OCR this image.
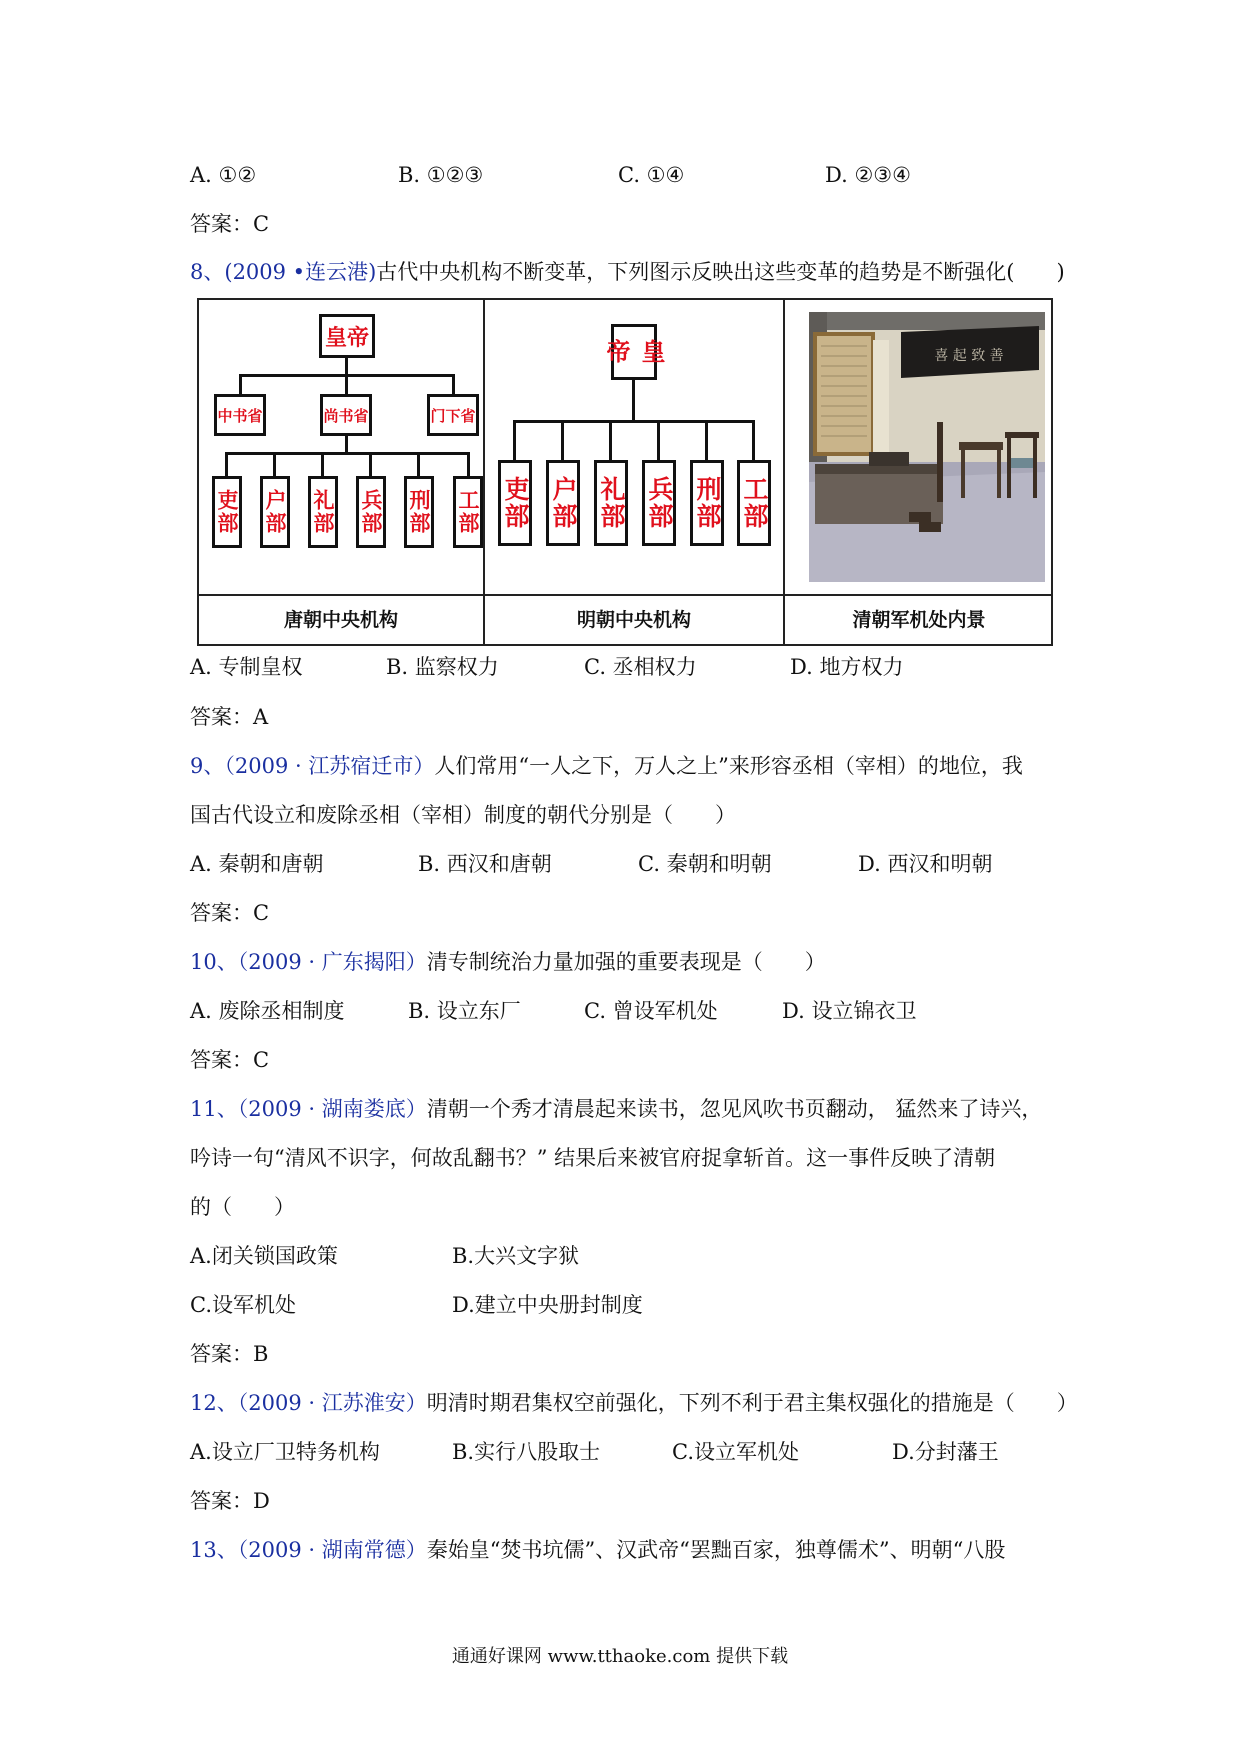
A. ①②	B. ①②③	C. ①④	D. ②③④
答案：C
8、(2009 •连云港)古代中央机构不断变革，下列图示反映出这些变革的趋势是不断强化(　　)
皇帝
中书省	尚书省	门下省
吏部 户部 礼部 兵部 刑部 工部
皇帝
吏部 户部 礼部 兵部 刑部 工部
喜 起 致 善
唐朝中央机构	明朝中央机构	清朝军机处内景
A. 专制皇权	B. 监察权力	C. 丞相权力	D. 地方权力
答案：A
9、（2009 · 江苏宿迁市）人们常用“一人之下，万人之上”来形容丞相（宰相）的地位，我
国古代设立和废除丞相（宰相）制度的朝代分别是（　　）
A. 秦朝和唐朝	B. 西汉和唐朝	C. 秦朝和明朝	D. 西汉和明朝
答案：C
10、（2009 · 广东揭阳）清专制统治力量加强的重要表现是（　　）
A. 废除丞相制度	B. 设立东厂	C. 曾设军机处	D. 设立锦衣卫
答案：C
11、（2009 · 湖南娄底）清朝一个秀才清晨起来读书，忽见风吹书页翻动， 猛然来了诗兴，
吟诗一句“清风不识字，何故乱翻书？” 结果后来被官府捉拿斩首。这一事件反映了清朝
的（　　）
A.闭关锁国政策	B.大兴文字狱
C.设军机处	D.建立中央册封制度
答案：B
12、（2009 · 江苏淮安）明清时期君集权空前强化，下列不利于君主集权强化的措施是（　　）
A.设立厂卫特务机构	B.实行八股取士	C.设立军机处	D.分封藩王
答案：D
13、（2009 · 湖南常德）秦始皇“焚书坑儒”、汉武帝“罢黜百家，独尊儒术”、明朝“八股
通通好课网 www.tthaoke.com 提供下载
